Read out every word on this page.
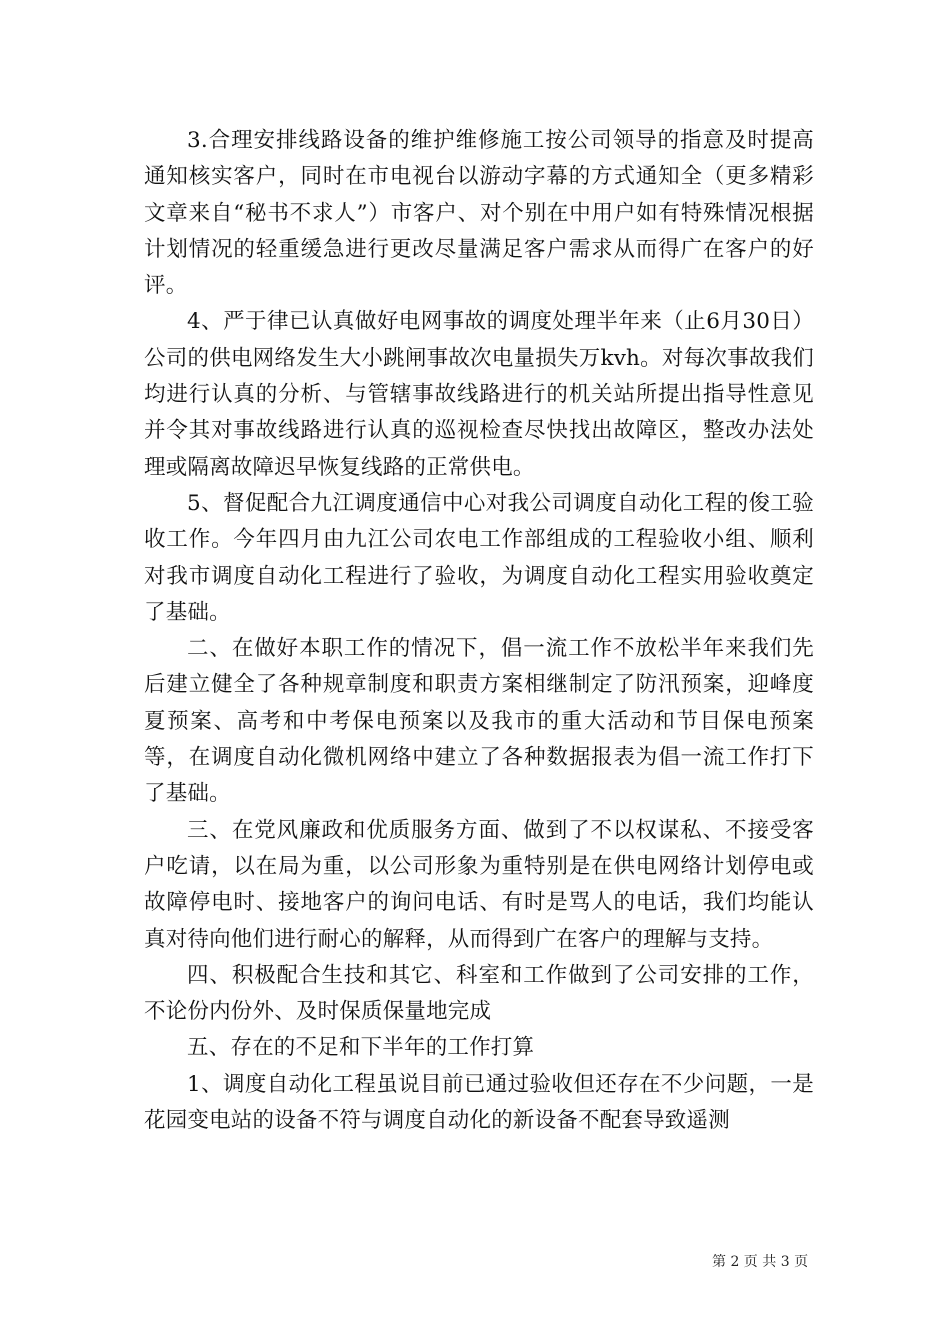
3.合理安排线路设备的维护维修施工按公司领导的指意及时提高通知核实客户，同时在市电视台以游动字幕的方式通知全（更多精彩文章来自“秘书不求人”）市客户、对个别在中用户如有特殊情况根据计划情况的轻重缓急进行更改尽量满足客户需求从而得广在客户的好评。

4、严于律已认真做好电网事故的调度处理半年来（止6月30日）公司的供电网络发生大小跳闸事故次电量损失万kvh。对每次事故我们均进行认真的分析、与管辖事故线路进行的机关站所提出指导性意见并令其对事故线路进行认真的巡视检查尽快找出故障区，整改办法处理或隔离故障迟早恢复线路的正常供电。

5、督促配合九江调度通信中心对我公司调度自动化工程的俊工验收工作。今年四月由九江公司农电工作部组成的工程验收小组、顺利对我市调度自动化工程进行了验收，为调度自动化工程实用验收奠定了基础。

二、在做好本职工作的情况下，倡一流工作不放松半年来我们先后建立健全了各种规章制度和职责方案相继制定了防汛预案，迎峰度夏预案、高考和中考保电预案以及我市的重大活动和节目保电预案等，在调度自动化微机网络中建立了各种数据报表为倡一流工作打下了基础。

三、在党风廉政和优质服务方面、做到了不以权谋私、不接受客户吃请，以在局为重，以公司形象为重特别是在供电网络计划停电或故障停电时、接地客户的询问电话、有时是骂人的电话，我们均能认真对待向他们进行耐心的解释，从而得到广在客户的理解与支持。

四、积极配合生技和其它、科室和工作做到了公司安排的工作，不论份内份外、及时保质保量地完成

五、存在的不足和下半年的工作打算

1、调度自动化工程虽说目前已通过验收但还存在不少问题，一是花园变电站的设备不符与调度自动化的新设备不配套导致遥测

第 2 页 共 3 页
